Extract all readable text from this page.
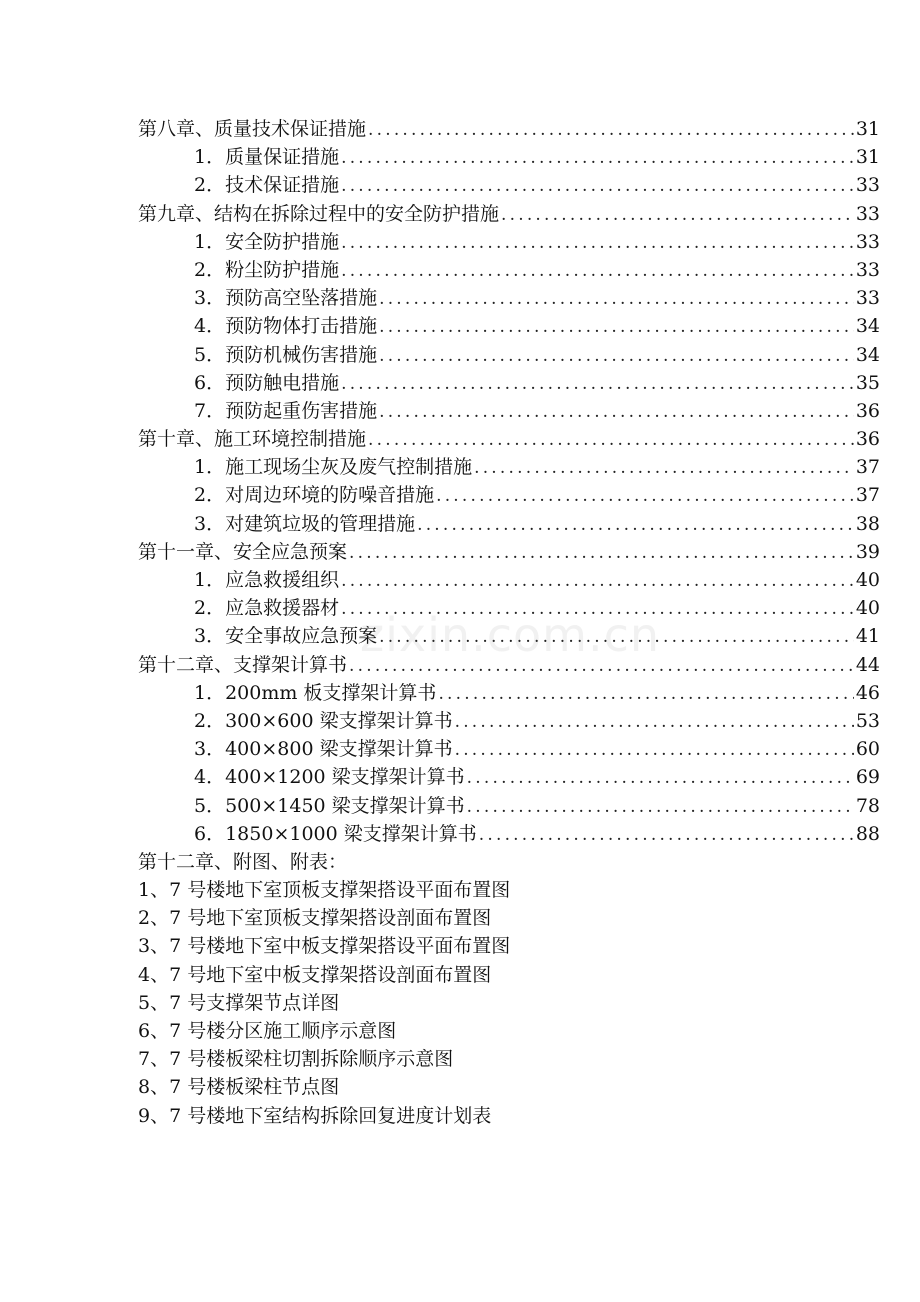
第八章、质量技术保证措施 .....	31
1．质量保证措施 .....	31
2．技术保证措施 .....	33
第九章、结构在拆除过程中的安全防护措施 .....	33
1．安全防护措施 .....	33
2．粉尘防护措施 .....	33
3．预防高空坠落措施 .....	33
4．预防物体打击措施 .....	34
5．预防机械伤害措施 .....	34
6．预防触电措施 .....	35
7．预防起重伤害措施 .....	36
第十章、施工环境控制措施 .....	36
1．施工现场尘灰及废气控制措施 .....	37
2．对周边环境的防噪音措施 .....	37
3．对建筑垃圾的管理措施 .....	38
第十一章、安全应急预案 .....	39
1．应急救援组织 .....	40
2．应急救援器材 .....	40
3．安全事故应急预案 .....	41
第十二章、支撑架计算书 .....	44
1．200mm 板支撑架计算书 .....	46
2．300×600 梁支撑架计算书 .....	53
3．400×800 梁支撑架计算书 .....	60
4．400×1200 梁支撑架计算书 .....	69
5．500×1450 梁支撑架计算书 .....	78
6．1850×1000 梁支撑架计算书 .....	88
第十二章、附图、附表：
1、7 号楼地下室顶板支撑架搭设平面布置图
2、7 号地下室顶板支撑架搭设剖面布置图
3、7 号楼地下室中板支撑架搭设平面布置图
4、7 号地下室中板支撑架搭设剖面布置图
5、7 号支撑架节点详图
6、7 号楼分区施工顺序示意图
7、7 号楼板梁柱切割拆除顺序示意图
8、7 号楼板梁柱节点图
9、7 号楼地下室结构拆除回复进度计划表
zixin.com.cn
